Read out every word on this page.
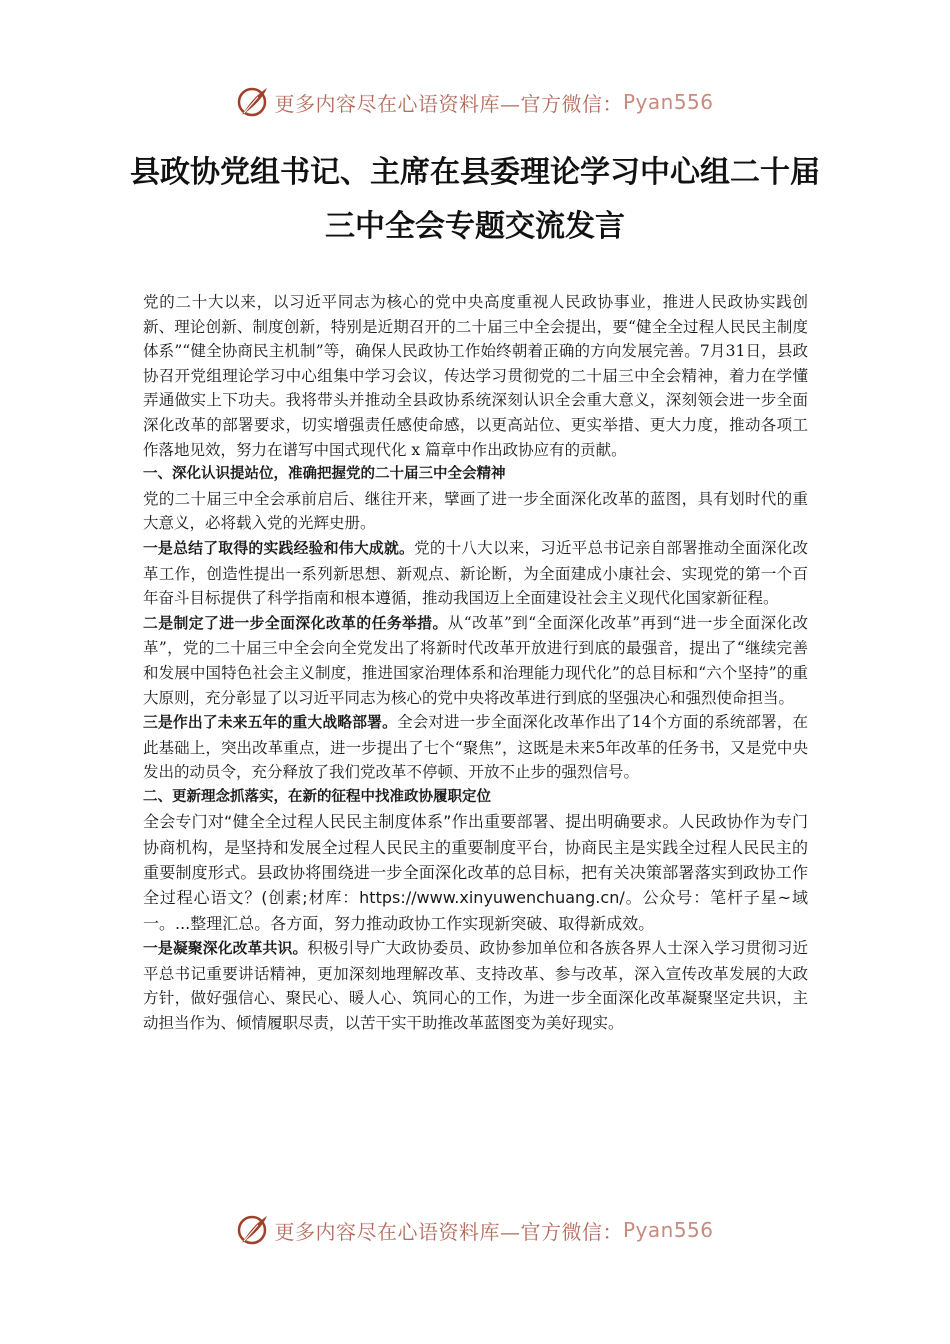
更多内容尽在心语资料库—官方微信： Pyan556
县政协党组书记、主席在县委理论学习中心组二十届
三中全会专题交流发言

党的二十大以来，以习近平同志为核心的党中央高度重视人民政协事业，推进人民政协实践创新、理论创新、制度创新，特别是近期召开的二十届三中全会提出，要“健全全过程人民民主制度体系”“健全协商民主机制”等，确保人民政协工作始终朝着正确的方向发展完善。7月31日，县政协召开党组理论学习中心组集中学习会议，传达学习贯彻党的二十届三中全会精神，着力在学懂弄通做实上下功夫。我将带头并推动全县政协系统深刻认识全会重大意义，深刻领会进一步全面深化改革的部署要求，切实增强责任感使命感，以更高站位、更实举措、更大力度，推动各项工作落地见效，努力在谱写中国式现代化 x 篇章中作出政协应有的贡献。

一、深化认识提站位，准确把握党的二十届三中全会精神

党的二十届三中全会承前启后、继往开来，擘画了进一步全面深化改革的蓝图，具有划时代的重大意义，必将载入党的光辉史册。

一是总结了取得的实践经验和伟大成就。党的十八大以来，习近平总书记亲自部署推动全面深化改革工作，创造性提出一系列新思想、新观点、新论断，为全面建成小康社会、实现党的第一个百年奋斗目标提供了科学指南和根本遵循，推动我国迈上全面建设社会主义现代化国家新征程。

二是制定了进一步全面深化改革的任务举措。从“改革”到“全面深化改革”再到“进一步全面深化改革”，党的二十届三中全会向全党发出了将新时代改革开放进行到底的最强音，提出了“继续完善和发展中国特色社会主义制度，推进国家治理体系和治理能力现代化”的总目标和“六个坚持”的重大原则，充分彰显了以习近平同志为核心的党中央将改革进行到底的坚强决心和强烈使命担当。

三是作出了未来五年的重大战略部署。全会对进一步全面深化改革作出了14个方面的系统部署，在此基础上，突出改革重点，进一步提出了七个“聚焦”，这既是未来5年改革的任务书，又是党中央发出的动员令，充分释放了我们党改革不停顿、开放不止步的强烈信号。

二、更新理念抓落实，在新的征程中找准政协履职定位

全会专门对“健全全过程人民民主制度体系”作出重要部署、提出明确要求。人民政协作为专门协商机构，是坚持和发展全过程人民民主的重要制度平台，协商民主是实践全过程人民民主的重要制度形式。县政协将围绕进一步全面深化改革的总目标，把有关决策部署落实到政协工作全过程心语文？(创素;材库：https://www.xinyuwenchuang.cn/。公众号：笔杆子星~域一。...整理汇总。各方面，努力推动政协工作实现新突破、取得新成效。

一是凝聚深化改革共识。积极引导广大政协委员、政协参加单位和各族各界人士深入学习贯彻习近平总书记重要讲话精神，更加深刻地理解改革、支持改革、参与改革，深入宣传改革发展的大政方针，做好强信心、聚民心、暖人心、筑同心的工作，为进一步全面深化改革凝聚坚定共识，主动担当作为、倾情履职尽责，以苦干实干助推改革蓝图变为美好现实。

更多内容尽在心语资料库—官方微信： Pyan556
